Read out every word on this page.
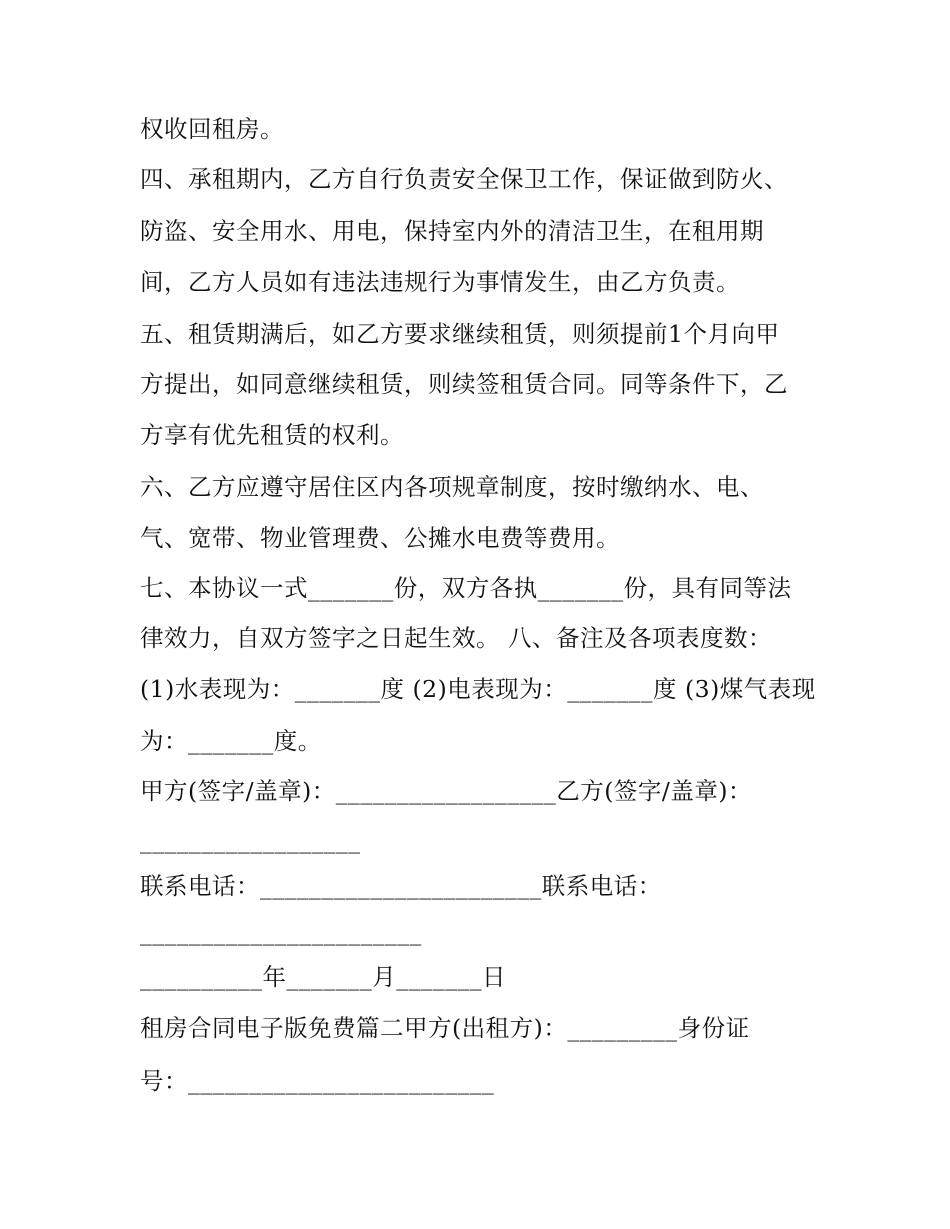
权收回租房。
四、承租期内，乙方自行负责安全保卫工作，保证做到防火、
防盗、安全用水、用电，保持室内外的清洁卫生，在租用期
间，乙方人员如有违法违规行为事情发生，由乙方负责。
五、租赁期满后，如乙方要求继续租赁，则须提前1个月向甲
方提出，如同意继续租赁，则续签租赁合同。同等条件下，乙
方享有优先租赁的权利。
六、乙方应遵守居住区内各项规章制度，按时缴纳水、电、
气、宽带、物业管理费、公摊水电费等费用。
七、本协议一式_______份，双方各执_______份，具有同等法
律效力，自双方签字之日起生效。 八、备注及各项表度数：
(1)水表现为：_______度 (2)电表现为：_______度 (3)煤气表现
为：_______度。
甲方(签字/盖章)：__________________乙方(签字/盖章)：
__________________
联系电话：_______________________联系电话：
_______________________
__________年_______月_______日
租房合同电子版免费篇二甲方(出租方)：_________身份证
号：_________________________
